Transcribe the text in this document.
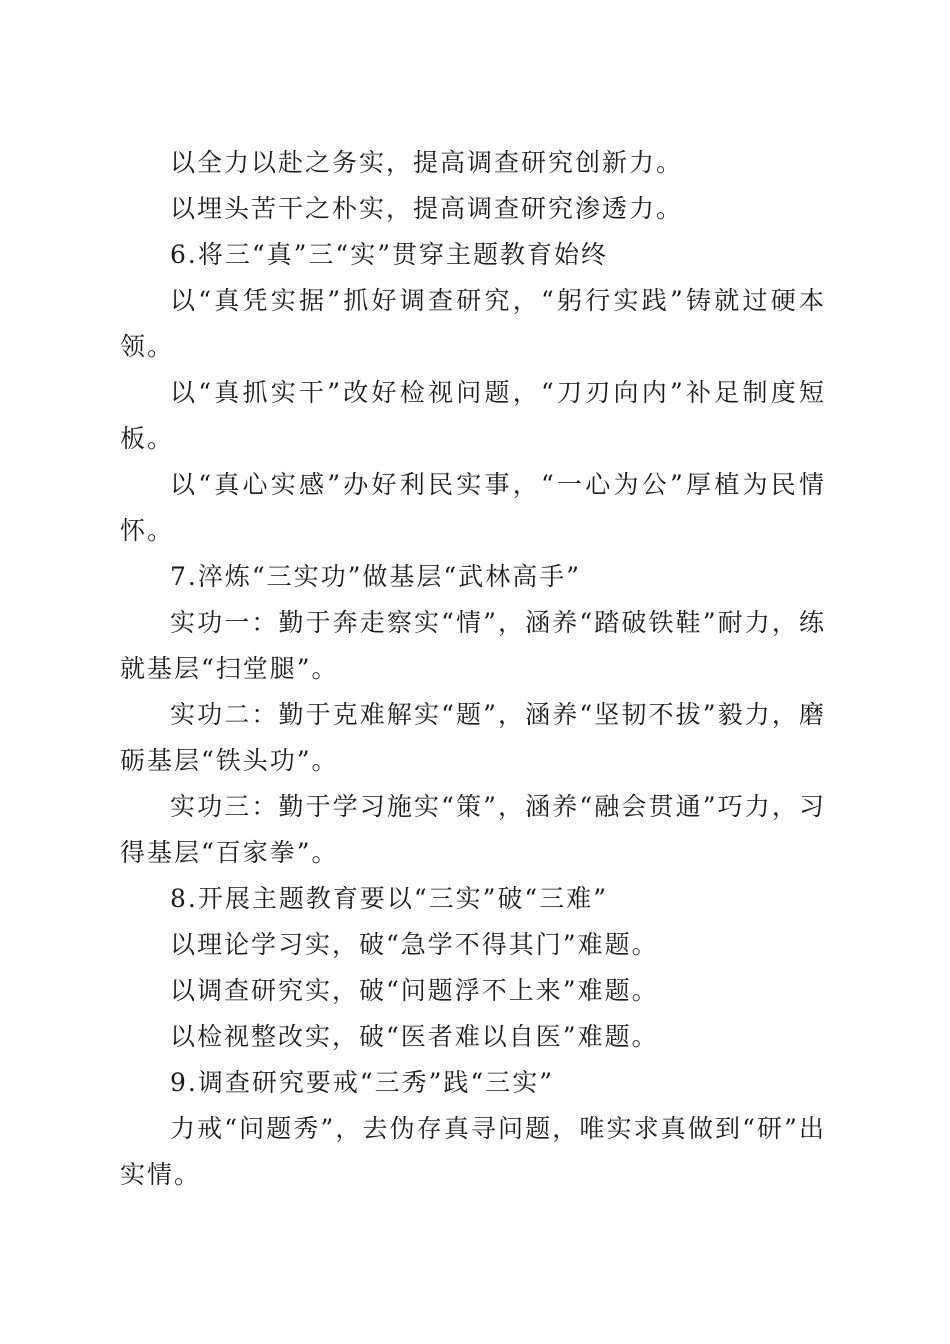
以全力以赴之务实，提高调查研究创新力。

以埋头苦干之朴实，提高调查研究渗透力。

6.将三“真”三“实”贯穿主题教育始终

以“真凭实据”抓好调查研究，“躬行实践”铸就过硬本领。

以“真抓实干”改好检视问题，“刀刃向内”补足制度短板。

以“真心实感”办好利民实事，“一心为公”厚植为民情怀。

7.淬炼“三实功”做基层“武林高手”

实功一：勤于奔走察实“情”，涵养“踏破铁鞋”耐力，练就基层“扫堂腿”。

实功二：勤于克难解实“题”，涵养“坚韧不拔”毅力，磨砺基层“铁头功”。

实功三：勤于学习施实“策”，涵养“融会贯通”巧力，习得基层“百家拳”。

8.开展主题教育要以“三实”破“三难”

以理论学习实，破“急学不得其门”难题。

以调查研究实，破“问题浮不上来”难题。

以检视整改实，破“医者难以自医”难题。

9.调查研究要戒“三秀”践“三实”

力戒“问题秀”，去伪存真寻问题，唯实求真做到“研”出实情。
